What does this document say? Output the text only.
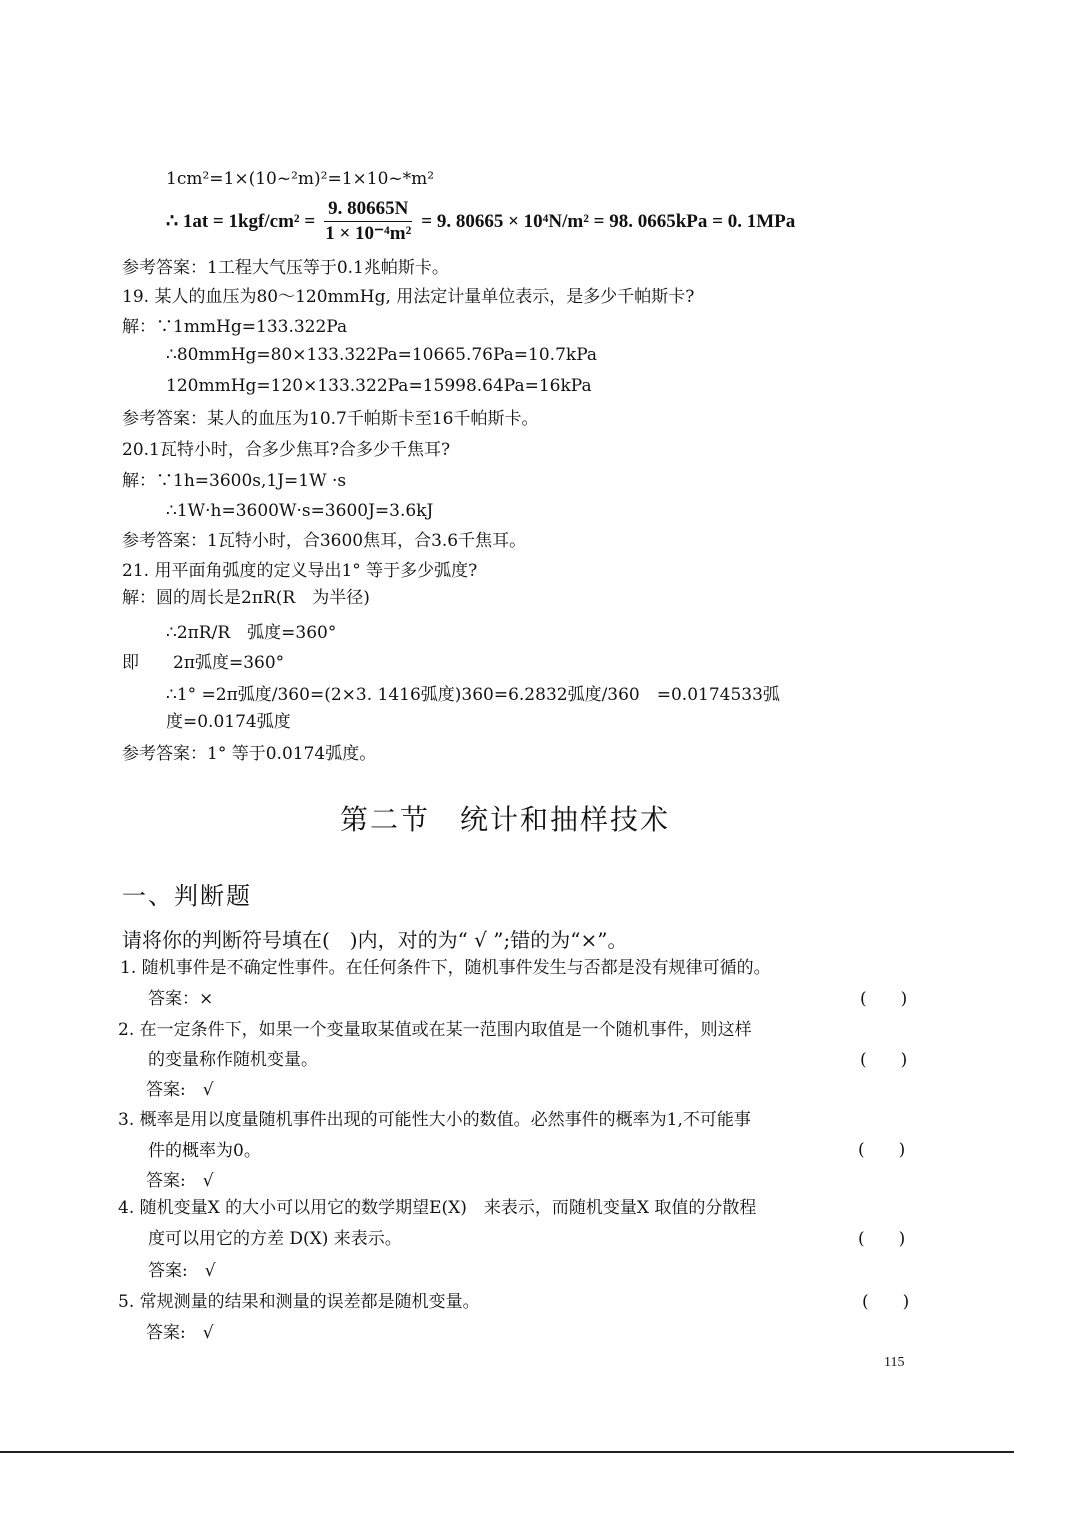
1cm²=1×(10~²m)²=1×10~*m²
∴ $1at = 1kgf/cm^2 = \frac{9. 80665N}{\text{1 × 10⁻⁴m²}} = 9$. 80665 × 10⁴N/m² = 98. 0665kPa = 0. 1MPa
参考答案：1工程大气压等于0.1兆帕斯卡。
19. 某人的血压为80～120mmHg, 用法定计量单位表示，是多少千帕斯卡?
解：∵1mmHg=133.322Pa
∴80mmHg=80×133.322Pa=10665.76Pa=10.7kPa
120mmHg=120×133.322Pa=15998.64Pa=16kPa
参考答案：某人的血压为10.7千帕斯卡至16千帕斯卡。
20.1瓦特小时，合多少焦耳?合多少千焦耳?
解：∵1h=3600s,1J=1W ·s
∴1W·h=3600W·s=3600J=3.6kJ
参考答案：1瓦特小时，合3600焦耳，合3.6千焦耳。
21. 用平面角弧度的定义导出1° 等于多少弧度?
解：圆的周长是2πR(R　为半径)
∴2πR/R　弧度=360°
即　　2π弧度=360°
∴1° =2π弧度/360=(2×3. 1416弧度)360=6.2832弧度/360　=0.0174533弧
度=0.0174弧度
参考答案：1° 等于0.0174弧度。
第二节　统计和抽样技术
一、判断题
请将你的判断符号填在(　)内，对的为“ √ ”;错的为“×”。
1. 随机事件是不确定性事件。在任何条件下，随机事件发生与否都是没有规律可循的。
答案：×	(　　)
2. 在一定条件下，如果一个变量取某值或在某一范围内取值是一个随机事件，则这样
的变量称作随机变量。	(　　)
答案:　√
3. 概率是用以度量随机事件出现的可能性大小的数值。必然事件的概率为1,不可能事
件的概率为0。	(　　)
答案:　√
4. 随机变量X 的大小可以用它的数学期望E(X)　来表示，而随机变量X 取值的分散程
度可以用它的方差 D(X) 来表示。	(　　)
答案:　√
5. 常规测量的结果和测量的误差都是随机变量。	(　　)
答案:　√
115
